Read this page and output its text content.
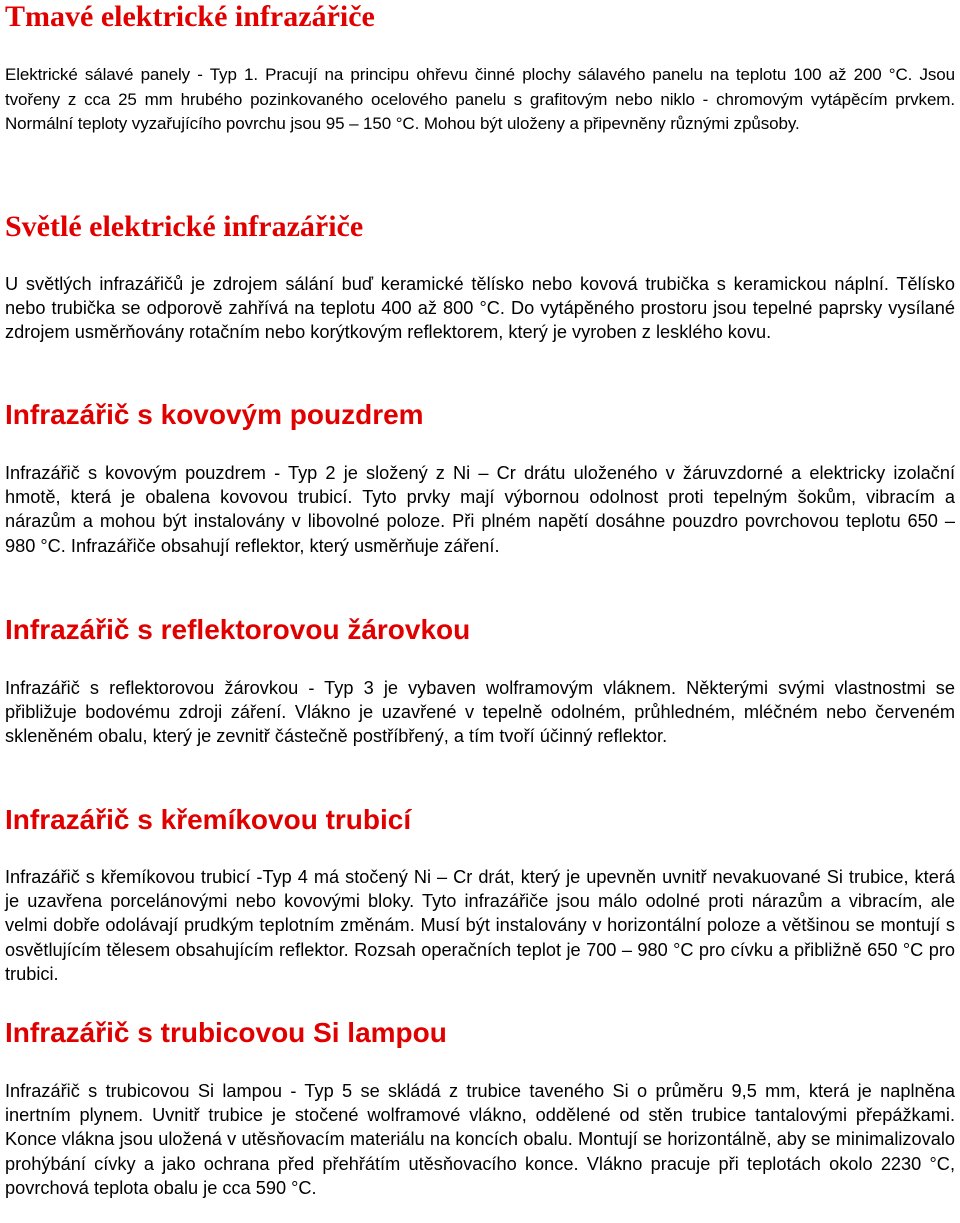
Tmavé elektrické infrazářiče

Elektrické sálavé panely - Typ 1. Pracují na principu ohřevu činné plochy sálavého panelu na teplotu 100 až 200 °C. Jsou tvořeny z cca 25 mm hrubého pozinkovaného ocelového panelu s grafitovým nebo niklo - chromovým vytápěcím prvkem. Normální teploty vyzařujícího povrchu jsou 95 – 150 °C. Mohou být uloženy a připevněny různými způsoby.

Světlé elektrické infrazářiče

U světlých infrazářičů je zdrojem sálání buď keramické tělísko nebo kovová trubička s keramickou náplní. Tělísko nebo trubička se odporově zahřívá na teplotu 400 až 800 °C. Do vytápěného prostoru jsou tepelné paprsky vysílané zdrojem usměrňovány rotačním nebo korýtkovým reflektorem, který je vyroben z lesklého kovu.

Infrazářič s kovovým pouzdrem

Infrazářič s kovovým pouzdrem - Typ 2 je složený z Ni – Cr drátu uloženého v žáruvzdorné a elektricky izolační hmotě, která je obalena kovovou trubicí. Tyto prvky mají výbornou odolnost proti tepelným šokům, vibracím a nárazům a mohou být instalovány v libovolné poloze. Při plném napětí dosáhne pouzdro povrchovou teplotu 650 – 980 °C. Infrazářiče obsahují reflektor, který usměrňuje záření.

Infrazářič s reflektorovou žárovkou

Infrazářič s reflektorovou žárovkou - Typ 3 je vybaven wolframovým vláknem. Některými svými vlastnostmi se přibližuje bodovému zdroji záření. Vlákno je uzavřené v tepelně odolném, průhledném, mléčném nebo červeném skleněném obalu, který je zevnitř částečně postříbřený, a tím tvoří účinný reflektor.

Infrazářič s křemíkovou trubicí

Infrazářič s křemíkovou trubicí -Typ 4 má stočený Ni – Cr drát, který je upevněn uvnitř nevakuované Si trubice, která je uzavřena porcelánovými nebo kovovými bloky. Tyto infrazářiče jsou málo odolné proti nárazům a vibracím, ale velmi dobře odolávají prudkým teplotním změnám. Musí být instalovány v horizontální poloze a většinou se montují s osvětlujícím tělesem obsahujícím reflektor. Rozsah operačních teplot je 700 – 980 °C pro cívku a přibližně 650 °C pro trubici.

Infrazářič s trubicovou Si lampou

Infrazářič s trubicovou Si lampou - Typ 5 se skládá z trubice taveného Si o průměru 9,5 mm, která je naplněna inertním plynem. Uvnitř trubice je stočené wolframové vlákno, oddělené od stěn trubice tantalovými přepážkami. Konce vlákna jsou uložená v utěsňovacím materiálu na koncích obalu. Montují se horizontálně, aby se minimalizovalo prohýbání cívky a jako ochrana před přehřátím utěsňovacího konce. Vlákno pracuje při teplotách okolo 2230 °C, povrchová teplota obalu je cca 590 °C.
